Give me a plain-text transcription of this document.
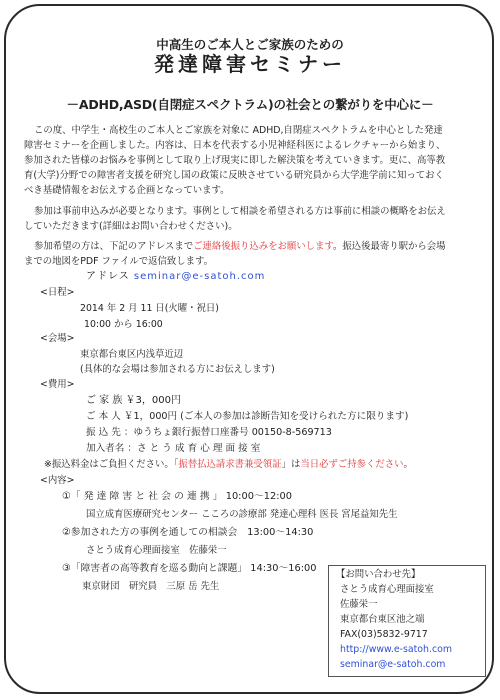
中高生のご本人とご家族のための
発達障害セミナー
－ADHD,ASD(自閉症スペクトラム)の社会との繋がりを中心に－
この度、中学生・高校生のご本人とご家族を対象に ADHD,自閉症スペクトラムを中心とした発達
障害セミナーを企画しました。内容は、日本を代表する小児神経科医によるレクチャーから始まり、
参加された皆様のお悩みを事例として取り上げ現実に即した解決策を考えていきます。更に、高等教
育(大学)分野での障害者支援を研究し国の政策に反映させている研究員から大学進学前に知っておく
べき基礎情報をお伝えする企画となっています。
参加は事前申込みが必要となります。事例として相談を希望される方は事前に相談の概略をお伝え
していただきます(詳細はお問い合わせください)。
参加希望の方は、下記のアドレスまでご連絡後振り込みをお願いします。振込後最寄り駅から会場
までの地図をPDF ファイルで返信致します。
アドレス seminar@e-satoh.com
<日程>
2014 年 2 月 11 日(火曜・祝日)
10:00 から 16:00
<会場>
東京都台東区内浅草近辺
(具体的な会場は参加される方にお伝えします)
<費用>
ご 家 族 ￥3，000円
ご 本 人 ￥1，000円 (ご本人の参加は診断告知を受けられた方に限ります)
振 込 先 ：ゆうちょ銀行振替口座番号 00150-8-569713
加入者名 ：さ と う 成 育 心 理 面 接 室
※振込料金はご負担ください。「振替払込請求書兼受領証」は当日必ずご持参ください。
<内容>
①「 発 達 障 害 と 社 会 の 連 携 」 10:00～12:00
国立成育医療研究センター こころの診療部 発達心理科 医長 宮尾益知先生
②参加された方の事例を通しての相談会　13:00～14:30
さとう成育心理面接室　佐藤栄一
③「障害者の高等教育を巡る動向と課題」 14:30～16:00
東京財団　研究員　三原 岳 先生
【お問い合わせ先】
さとう成育心理面接室
佐藤栄一
東京都台東区池之端
FAX(03)5832-9717
http://www.e-satoh.com
seminar@e-satoh.com
